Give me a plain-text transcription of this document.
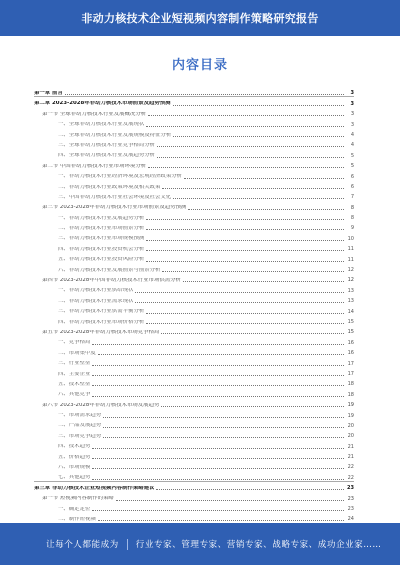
非动力核技术企业短视频内容制作策略研究报告
内容目录
第一章 前言	3
第二章 2023-2028年非动力核技术市场前景及趋势预测	3
第一节 全球非动力核技术行业发展概况分析	3
一、全球非动力核技术行业发展现状	3
二、全球非动力核技术行业发展规模及特征分析	4
三、全球非动力核技术行业竞争格局分析	4
四、全球非动力核技术行业发展趋势分析	5
第二节 中国非动力核技术行业市场环境分析	5
一、非动力核技术行业经济环境及宏观经济政策分析	6
二、非动力核技术行业政策环境及相关政策	6
三、中国非动力核技术行业社会环境及社会文化	7
第三节 2023-2028年非动力核技术行业市场前景及趋势预测	8
一、非动力核技术行业发展趋势分析	8
二、非动力核技术行业市场前景分析	9
三、非动力核技术行业市场规模预测	10
四、非动力核技术行业投资机会分析	11
五、非动力核技术行业投资风险分析	11
六、非动力核技术行业发展前景与前景分析	12
第四节 2023-2028年中国非动力核技术行业市场供需分析	12
一、非动力核技术行业供给现状	13
二、非动力核技术行业需求现状	13
三、非动力核技术行业供需平衡分析	14
四、非动力核技术行业市场价格分析	15
第五节 2023-2028年非动力核技术市场竞争格局	15
一、竞争格局	16
二、市场集中度	16
三、行业壁垒	17
四、主要企业	17
五、技术壁垒	18
六、其他竞争	18
第六节 2023-2028年非动力核技术市场发展趋势	19
一、市场需求趋势	19
二、产品发展趋势	20
三、市场竞争趋势	20
四、技术趋势	21
五、价格趋势	21
六、市场规模	22
七、其他趋势	22
第三章 非动力核技术企业短视频内容制作策略建议	23
第一节 短视频内容制作的策略	23
一、确定定位	23
二、制作短视频	24
让每个人都能成为 行业专家、管理专家、营销专家、战略专家、成功企业家……
